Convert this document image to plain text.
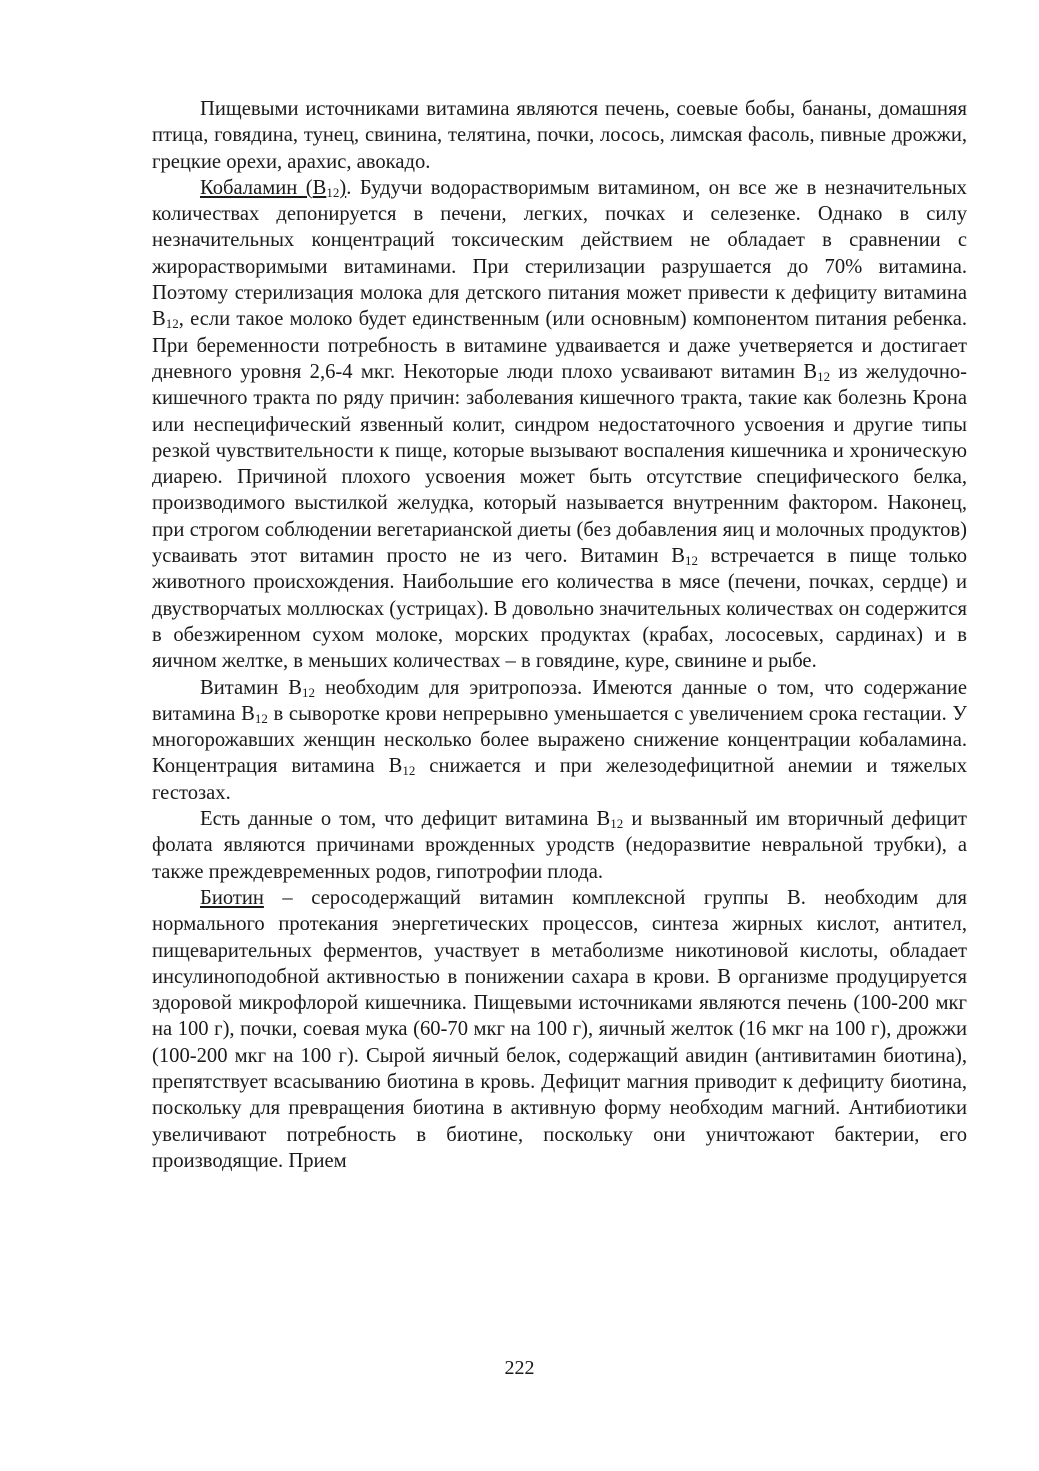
Пищевыми источниками витамина являются печень, соевые бобы, бананы, домашняя птица, говядина, тунец, свинина, телятина, почки, лосось, лимская фасоль, пивные дрожжи, грецкие орехи, арахис, авокадо.

Кобаламин $(B_{12})$. Будучи водорастворимым витамином, он все же в незначительных количествах депонируется в печени, легких, почках и селезенке. Однако в силу незначительных концентраций токсическим действием не обладает в сравнении с жирорастворимыми витаминами. При стерилизации разрушается до 70% витамина. Поэтому стерилизация молока для детского питания может привести к дефициту витамина $B_{12}$, если такое молоко будет единственным (или основным) компонентом питания ребенка. При беременности потребность в витамине удваивается и даже учетверяется и достигает дневного уровня 2,6-4 мкг. Некоторые люди плохо усваивают витамин $B_{12}$ из желудочно-кишечного тракта по ряду причин: заболевания кишечного тракта, такие как болезнь Крона или неспецифический язвенный колит, синдром недостаточного усвоения и другие типы резкой чувствительности к пище, которые вызывают воспаления кишечника и хроническую диарею. Причиной плохого усвоения может быть отсутствие специфического белка, производимого выстилкой желудка, который называется внутренним фактором. Наконец, при строгом соблюдении вегетарианской диеты (без добавления яиц и молочных продуктов) усваивать этот витамин просто не из чего. Витамин $B_{12}$ встречается в пище только животного происхождения. Наибольшие его количества в мясе (печени, почках, сердце) и двустворчатых моллюсках (устрицах). В довольно значительных количествах он содержится в обезжиренном сухом молоке, морских продуктах (крабах, лососевых, сардинах) и в яичном желтке, в меньших количествах – в говядине, куре, свинине и рыбе.

Витамин $B_{12}$ необходим для эритропоэза. Имеются данные о том, что содержание витамина $B_{12}$ в сыворотке крови непрерывно уменьшается с увеличением срока гестации. У многорожавших женщин несколько более выражено снижение концентрации кобаламина. Концентрация витамина $B_{12}$ снижается и при железодефицитной анемии и тяжелых гестозах.

Есть данные о том, что дефицит витамина $B_{12}$ и вызванный им вторичный дефицит фолата являются причинами врожденных уродств (недоразвитие невральной трубки), а также преждевременных родов, гипотрофии плода.

Биотин – серосодержащий витамин комплексной группы B. необходим для нормального протекания энергетических процессов, синтеза жирных кислот, антител, пищеварительных ферментов, участвует в метаболизме никотиновой кислоты, обладает инсулиноподобной активностью в понижении сахара в крови. В организме продуцируется здоровой микрофлорой кишечника. Пищевыми источниками являются печень (100-200 мкг на 100 г), почки, соевая мука (60-70 мкг на 100 г), яичный желток (16 мкг на 100 г), дрожжи (100-200 мкг на 100 г). Сырой яичный белок, содержащий авидин (антивитамин биотина), препятствует всасыванию биотина в кровь. Дефицит магния приводит к дефициту биотина, поскольку для превращения биотина в активную форму необходим магний. Антибиотики увеличивают потребность в биотине, поскольку они уничтожают бактерии, его производящие. Прием

222
